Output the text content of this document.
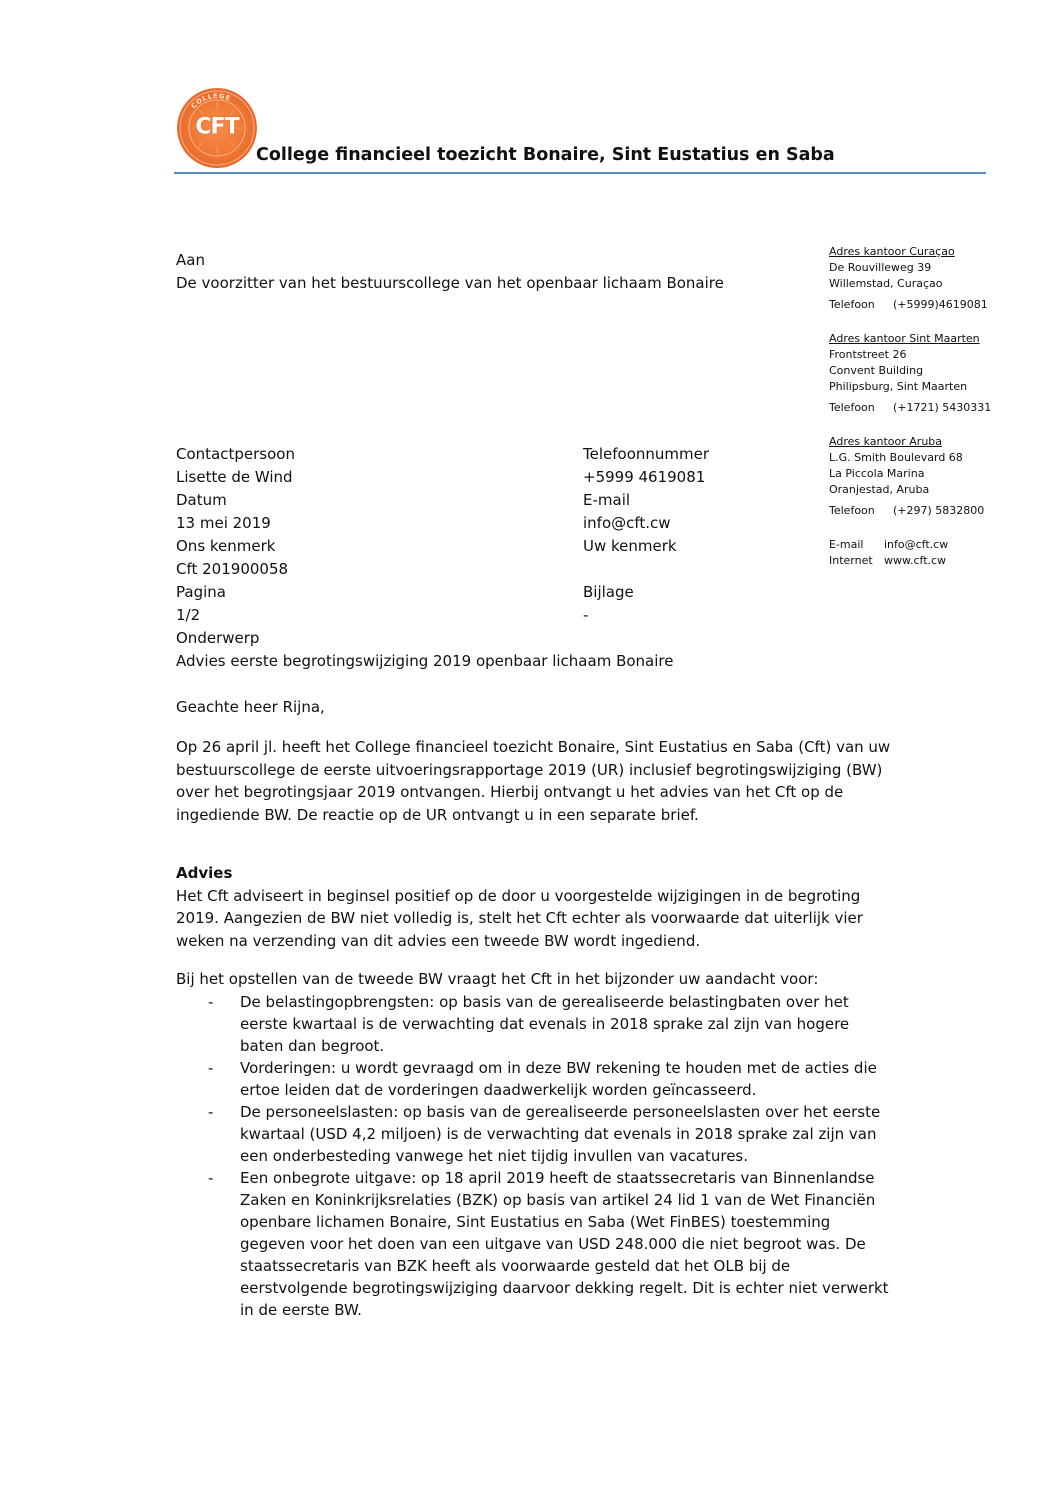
COLLEGE
CFT
College financieel toezicht Bonaire, Sint Eustatius en Saba
Aan
De voorzitter van het bestuurscollege van het openbaar lichaam Bonaire
Adres kantoor Curaçao
De Rouvilleweg 39
Willemstad, Curaçao
Telefoon (+5999)4619081
Adres kantoor Sint Maarten
Frontstreet 26
Convent Building
Philipsburg, Sint Maarten
Telefoon (+1721) 5430331
Adres kantoor Aruba
L.G. Smith Boulevard 68
La Piccola Marina
Oranjestad, Aruba
Telefoon (+297) 5832800
E-mail info@cft.cw
Internet www.cft.cw
Contactpersoon
Lisette de Wind
Datum
13 mei 2019
Ons kenmerk
Cft 201900058
Pagina
1/2
Onderwerp
Advies eerste begrotingswijziging 2019 openbaar lichaam Bonaire
Telefoonnummer
+5999 4619081
E-mail
info@cft.cw
Uw kenmerk
Bijlage
-
Geachte heer Rijna,

Op 26 april jl. heeft het College financieel toezicht Bonaire, Sint Eustatius en Saba (Cft) van uw bestuurscollege de eerste uitvoeringsrapportage 2019 (UR) inclusief begrotingswijziging (BW) over het begrotingsjaar 2019 ontvangen. Hierbij ontvangt u het advies van het Cft op de ingediende BW. De reactie op de UR ontvangt u in een separate brief.

Advies

Het Cft adviseert in beginsel positief op de door u voorgestelde wijzigingen in de begroting 2019. Aangezien de BW niet volledig is, stelt het Cft echter als voorwaarde dat uiterlijk vier weken na verzending van dit advies een tweede BW wordt ingediend.

Bij het opstellen van de tweede BW vraagt het Cft in het bijzonder uw aandacht voor:

- De belastingopbrengsten: op basis van de gerealiseerde belastingbaten over het eerste kwartaal is de verwachting dat evenals in 2018 sprake zal zijn van hogere baten dan begroot.
- Vorderingen: u wordt gevraagd om in deze BW rekening te houden met de acties die ertoe leiden dat de vorderingen daadwerkelijk worden geïncasseerd.
- De personeelslasten: op basis van de gerealiseerde personeelslasten over het eerste kwartaal (USD 4,2 miljoen) is de verwachting dat evenals in 2018 sprake zal zijn van een onderbesteding vanwege het niet tijdig invullen van vacatures.
- Een onbegrote uitgave: op 18 april 2019 heeft de staatssecretaris van Binnenlandse Zaken en Koninkrijksrelaties (BZK) op basis van artikel 24 lid 1 van de Wet Financiën openbare lichamen Bonaire, Sint Eustatius en Saba (Wet FinBES) toestemming gegeven voor het doen van een uitgave van USD 248.000 die niet begroot was. De staatssecretaris van BZK heeft als voorwaarde gesteld dat het OLB bij de eerstvolgende begrotingswijziging daarvoor dekking regelt. Dit is echter niet verwerkt in de eerste BW.
